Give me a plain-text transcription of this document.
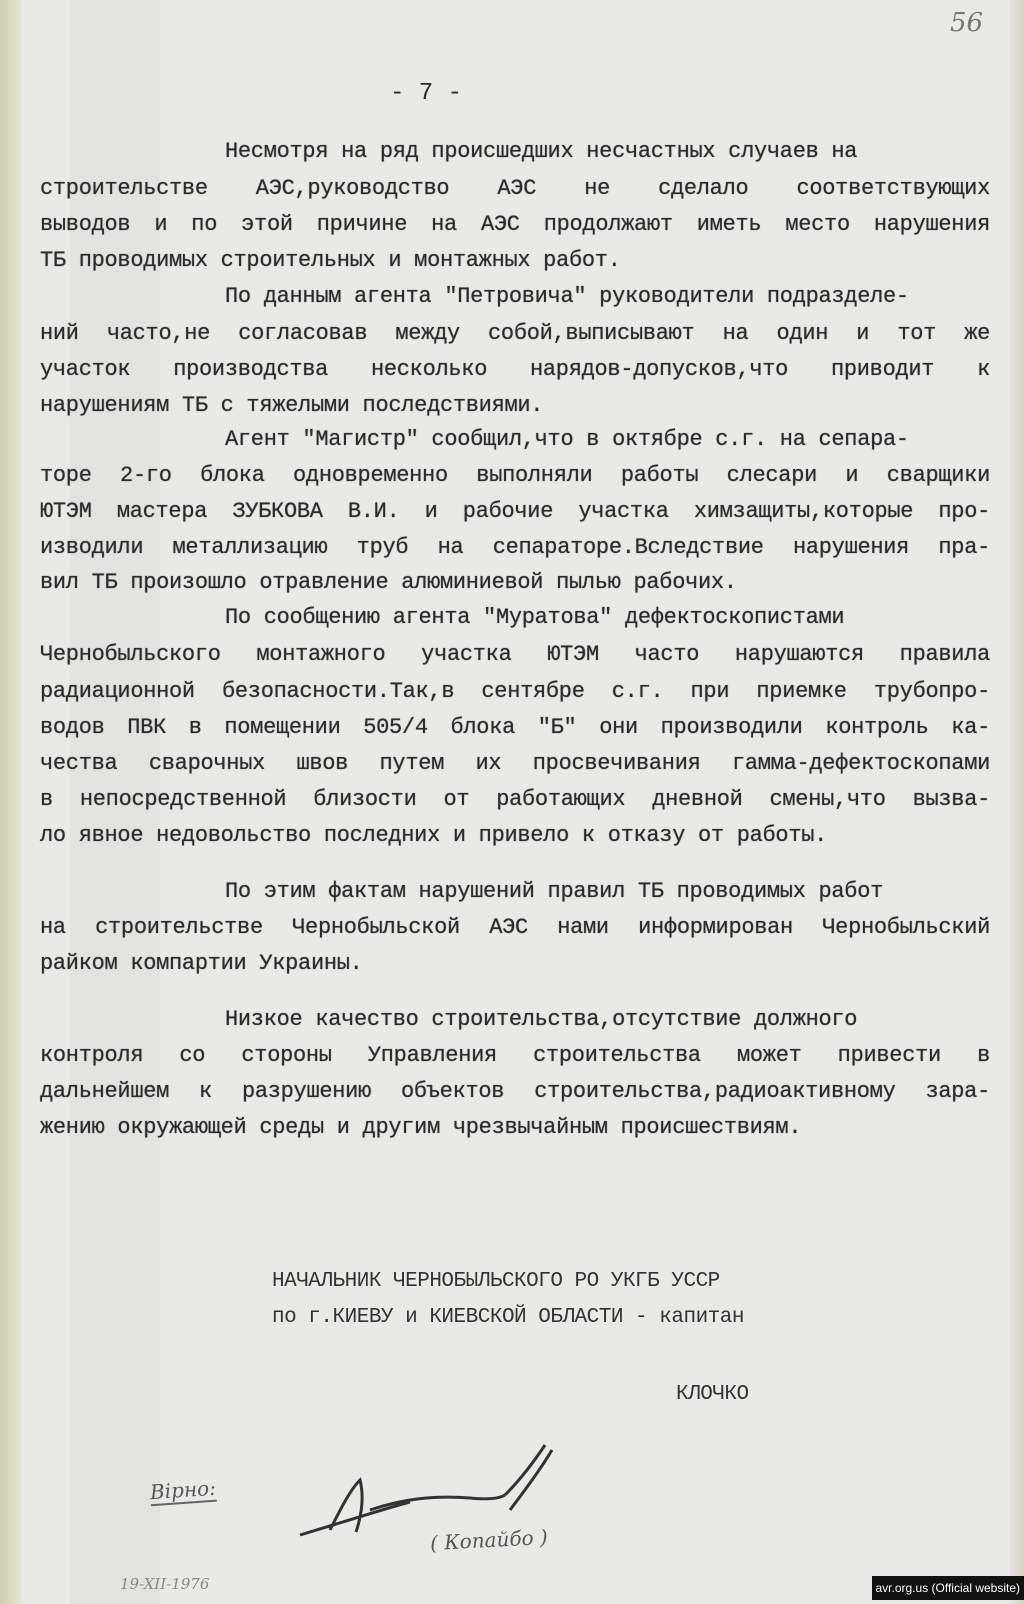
56
- 7 -
Несмотря на ряд происшедших несчастных случаев на
строительстве АЭС,руководство АЭС не сделало соответствующих
выводов и по этой причине на АЭС продолжают иметь место нарушения
ТБ проводимых строительных и монтажных работ.
По данным агента "Петровича" руководители подразделе-
ний часто,не согласовав между собой,выписывают на один и тот же
участок производства несколько нарядов-допусков,что приводит к
нарушениям ТБ с тяжелыми последствиями.
Агент "Магистр" сообщил,что в октябре с.г. на сепара-
торе 2-го блока одновременно выполняли работы слесари и сварщики
ЮТЭМ мастера ЗУБКОВА В.И. и рабочие участка химзащиты,которые про-
изводили металлизацию труб на сепараторе.Вследствие нарушения пра-
вил ТБ произошло отравление алюминиевой пылью рабочих.
По сообщению агента "Муратова" дефектоскопистами
Чернобыльского монтажного участка ЮТЭМ часто нарушаются правила
радиационной безопасности.Так,в сентябре с.г. при приемке трубопро-
водов ПВК в помещении 505/4 блока "Б" они производили контроль ка-
чества сварочных швов путем их просвечивания гамма-дефектоскопами
в непосредственной близости от работающих дневной смены,что вызва-
ло явное недовольство последних и привело к отказу от работы.
По этим фактам нарушений правил ТБ проводимых работ
на строительстве Чернобыльской АЭС нами информирован Чернобыльский
райком компартии Украины.
Низкое качество строительства,отсутствие должного
контроля со стороны Управления строительства может привести в
дальнейшем к разрушению объектов строительства,радиоактивному зара-
жению окружающей среды и другим чрезвычайным происшествиям.
НАЧАЛЬНИК ЧЕРНОБЫЛЬСКОГО РО УКГБ УССР
по г.КИЕВУ и КИЕВСКОЙ ОБЛАСТИ - капитан
КЛОЧКО
Вірно:
( Копайбо )
19-XII-1976	avr.org.us (Official website)
